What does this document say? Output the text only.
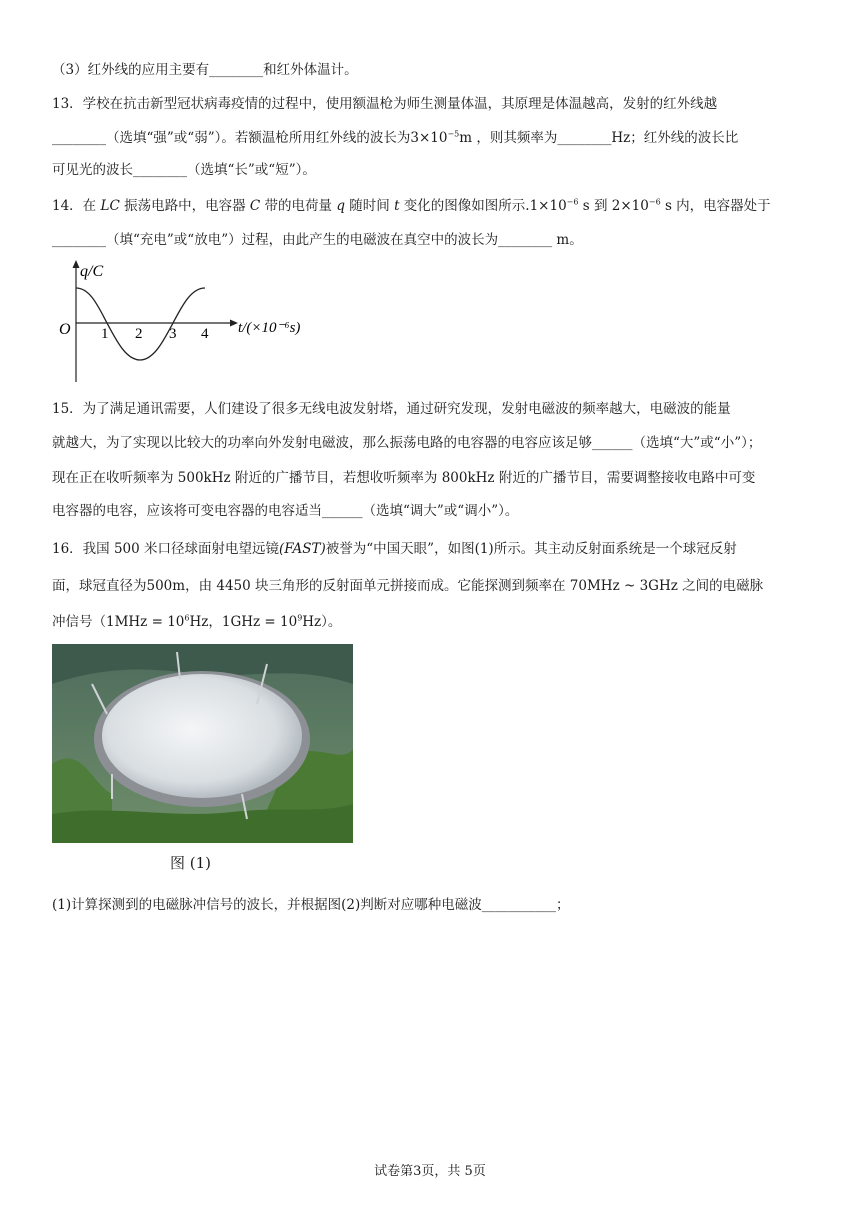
（3）红外线的应用主要有________和红外体温计。
13．学校在抗击新型冠状病毒疫情的过程中，使用额温枪为师生测量体温，其原理是体温越高，发射的红外线越
________（选填“强”或“弱”）。若额温枪所用红外线的波长为$3\times 10^{-5}m$ ，则其频率为________Hz；红外线的波长比
可见光的波长________（选填“长”或“短”）。
14．在 LC 振荡电路中，电容器 C 带的电荷量 q 随时间 t 变化的图像如图所示$.1\times 10^{-6}$ s 到 $2\times 10^{-6}$ s 内，电容器处于
________（填“充电”或“放电”）过程，由此产生的电磁波在真空中的波长为________ m。
q/C
O 1 2 3 4 t/(×10⁻⁶s)
15．为了满足通讯需要，人们建设了很多无线电波发射塔，通过研究发现，发射电磁波的频率越大，电磁波的能量
就越大，为了实现以比较大的功率向外发射电磁波，那么振荡电路的电容器的电容应该足够______（选填“大”或“小”）；
现在正在收听频率为 500kHz 附近的广播节目，若想收听频率为 800kHz 附近的广播节目，需要调整接收电路中可变
电容器的电容，应该将可变电容器的电容适当______（选填“调大”或“调小”）。
16．我国 500 米口径球面射电望远镜(FAST)被誉为“中国天眼”，如图(1)所示。其主动反射面系统是一个球冠反射
面，球冠直径为500m，由 4450 块三角形的反射面单元拼接而成。它能探测到频率在 70MHz ~ 3GHz 之间的电磁脉
冲信号（$1MHz = 10^6Hz$，$1GHz = 10^9Hz$）。
图 (1)
(1)计算探测到的电磁脉冲信号的波长，并根据图(2)判断对应哪种电磁波___________；
试卷第3页，共 5页
